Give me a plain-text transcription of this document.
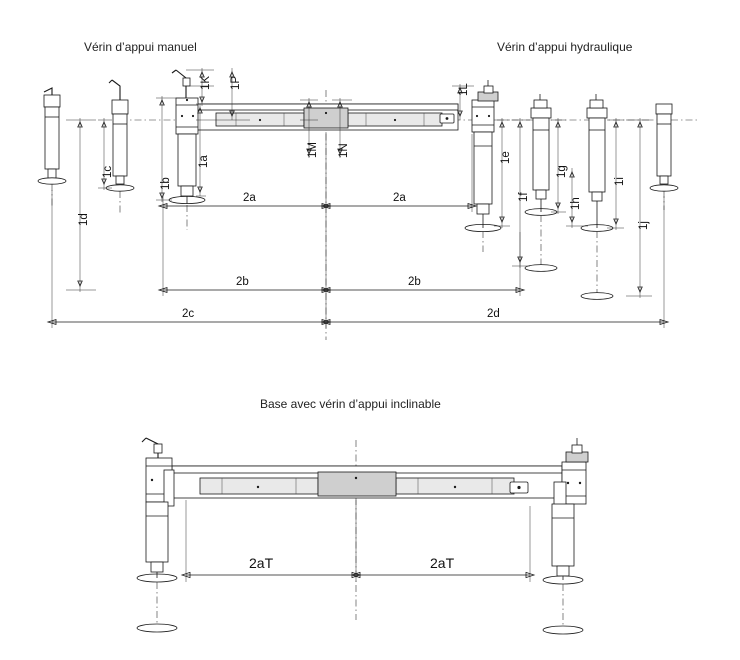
Vérin d’appui manuel	Vérin d’appui hydraulique
Base avec vérin d’appui inclinable
1K 1P
1a
1b
1c
1d
1M 1N
1L
1e
1f
1g
1h
1i
1j
2a	2a
2b	2b
2c	2d
2aT	2aT
